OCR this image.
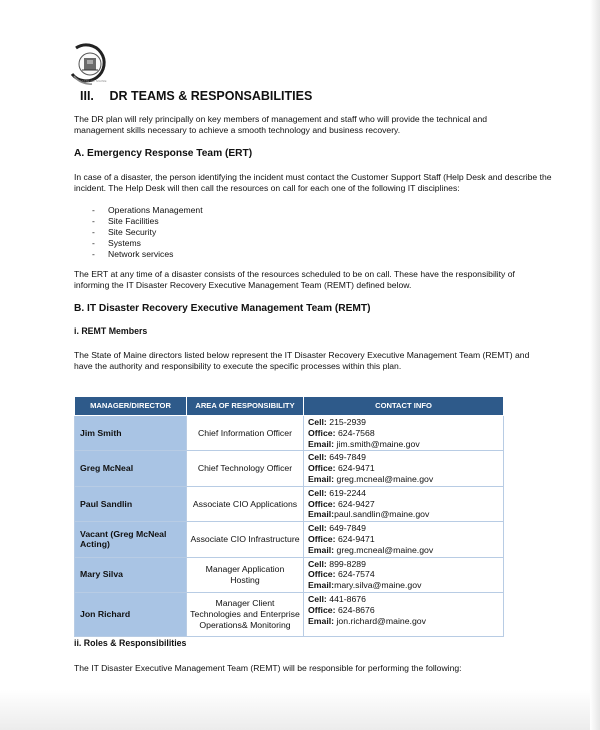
STATE OF MAINE
III. DR TEAMS & RESPONSABILITIES
The DR plan will rely principally on key members of management and staff who will provide the technical and management skills necessary to achieve a smooth technology and business recovery.
A. Emergency Response Team (ERT)
In case of a disaster, the person identifying the incident must contact the Customer Support Staff (Help Desk and describe the incident. The Help Desk will then call the resources on call for each one of the following IT disciplines:
- Operations Management
- Site Facilities
- Site Security
- Systems
- Network services
The ERT at any time of a disaster consists of the resources scheduled to be on call. These have the responsibility of informing the IT Disaster Recovery Executive Management Team (REMT) defined below.
B. IT Disaster Recovery Executive Management Team (REMT)
i. REMT Members
The State of Maine directors listed below represent the IT Disaster Recovery Executive Management Team (REMT) and have the authority and responsibility to execute the specific processes within this plan.
MANAGER/DIRECTOR	AREA OF RESPONSIBILITY	CONTACT INFO
Jim Smith	Chief Information Officer	Cell: 215-2939
Office: 624-7568
Email: jim.smith@maine.gov

Greg McNeal	Chief Technology Officer	Cell: 649-7849
Office: 624-9471
Email: greg.mcneal@maine.gov

Paul Sandlin	Associate CIO Applications	Cell: 619-2244
Office: 624-9427
Email:paul.sandlin@maine.gov

Vacant (Greg McNeal Acting)	Associate CIO Infrastructure	Cell: 649-7849
Office: 624-9471
Email: greg.mcneal@maine.gov

Mary Silva	Manager Application Hosting	Cell: 899-8289
Office: 624-7574
Email:mary.silva@maine.gov

Jon Richard	Manager Client Technologies and Enterprise Operations& Monitoring	Cell: 441-8676
Office: 624-8676
Email: jon.richard@maine.gov
ii. Roles & Responsibilities
The IT Disaster Executive Management Team (REMT) will be responsible for performing the following:
